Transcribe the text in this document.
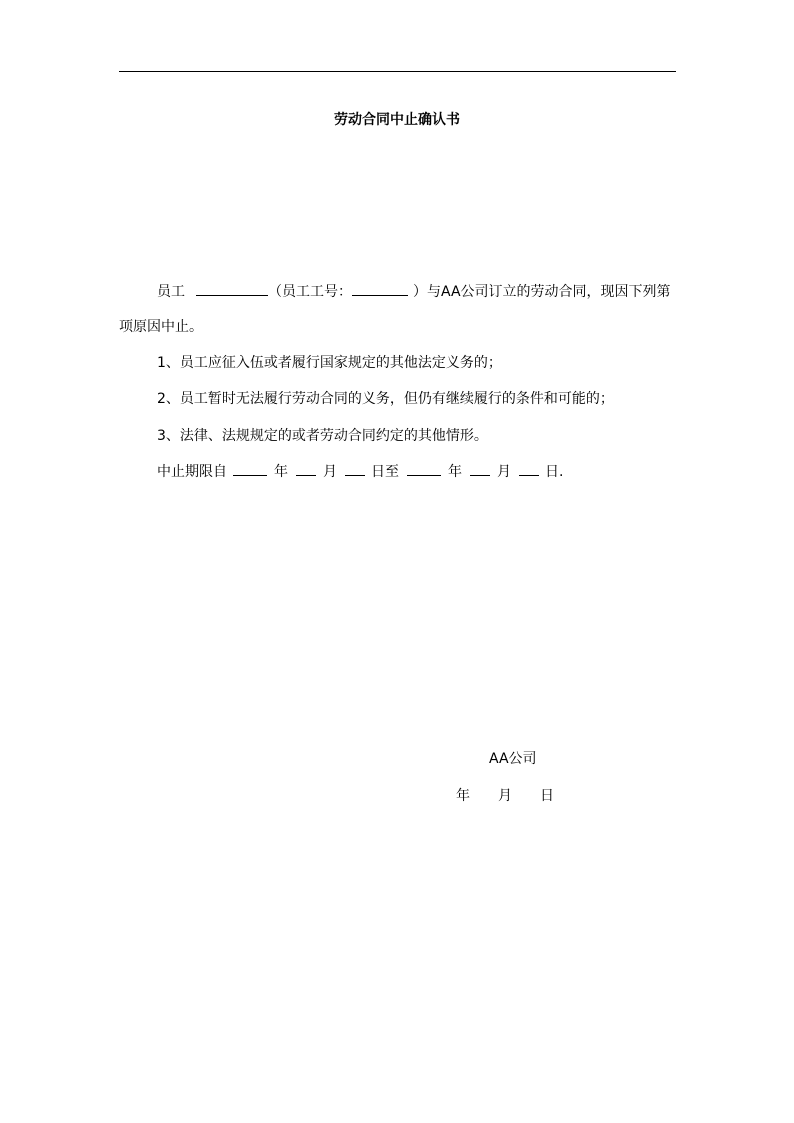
劳动合同中止确认书
员工	（员工工号：	）与AA公司订立的劳动合同，现因下列第
项原因中止。
1、员工应征入伍或者履行国家规定的其他法定义务的；
2、员工暂时无法履行劳动合同的义务，但仍有继续履行的条件和可能的；
3、法律、法规规定的或者劳动合同约定的其他情形。
中止期限自	年	月 日至	年	月 日.
AA公司
年 月 日
